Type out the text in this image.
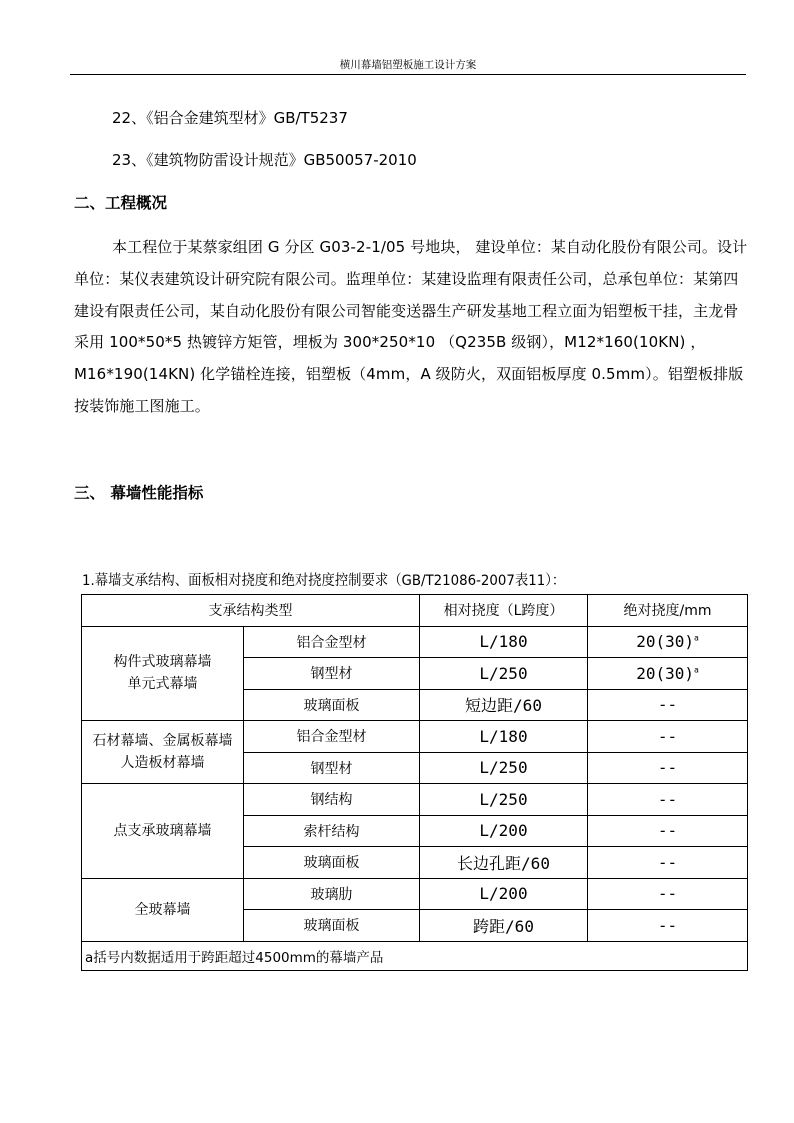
横川幕墙铝塑板施工设计方案
22、《铝合金建筑型材》GB/T5237
23、《建筑物防雷设计规范》GB50057-2010
二、工程概况
本工程位于某蔡家组团 G 分区 G03-2-1/05 号地块， 建设单位：某自动化股份有限公司。设计单位：某仪表建筑设计研究院有限公司。监理单位：某建设监理有限责任公司，总承包单位：某第四建设有限责任公司，某自动化股份有限公司智能变送器生产研发基地工程立面为铝塑板干挂，主龙骨采用 100*50*5 热镀锌方矩管，埋板为 300*250*10 （Q235B 级钢），M12*160(10KN) ，M16*190(14KN) 化学锚栓连接，铝塑板（4mm，A 级防火，双面铝板厚度 0.5mm）。铝塑板排版按装饰施工图施工。
三、 幕墙性能指标
1.幕墙支承结构、面板相对挠度和绝对挠度控制要求（GB/T21086-2007表11）：
支承结构类型		相对挠度（L跨度）	绝对挠度/mm
构件式玻璃幕墙
单元式幕墙	铝合金型材	L/180	$20(30)^a$
	钢型材	L/250	$20(30)^a$
	玻璃面板	短边距/60	--
石材幕墙、金属板幕墙
人造板材幕墙	铝合金型材	L/180	--
	钢型材	L/250	--
点支承玻璃幕墙	钢结构	L/250	--
	索杆结构	L/200	--
	玻璃面板	长边孔距/60	--
全玻幕墙	玻璃肋	L/200	--
	玻璃面板	跨距/60	--
a括号内数据适用于跨距超过4500mm的幕墙产品			
